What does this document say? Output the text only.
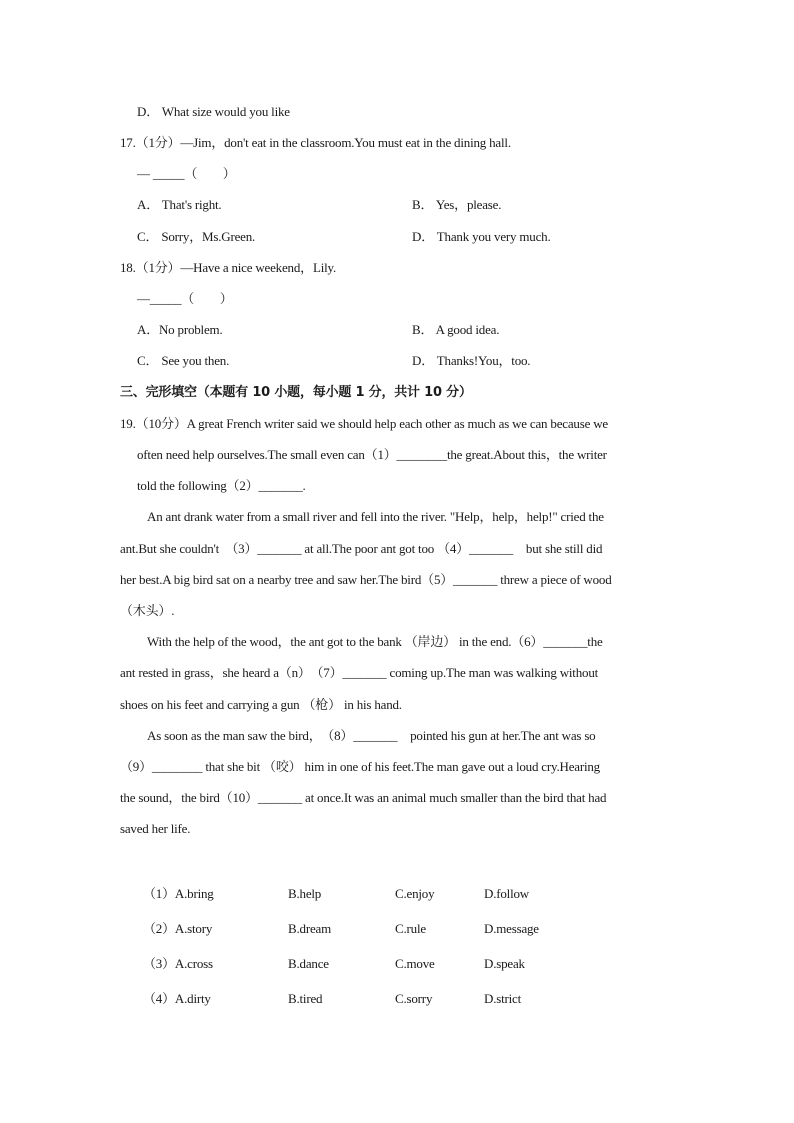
D． What size would you like
17.（1分）—Jim，don't eat in the classroom.You must eat in the dining hall.
— _____（　　）
A． That's right.	B． Yes，please.
C． Sorry，Ms.Green.	D． Thank you very much.
18.（1分）—Have a nice weekend，Lily.
—_____（　　）
A．No problem.	B． A good idea.
C． See you then.	D． Thanks!You，too.
三、完形填空（本题有 10 小题，每小题 1 分，共计 10 分）
19.（10分）A great French writer said we should help each other as much as we can because we
often need help ourselves.The small even can（1）________the great.About this，the writer
told the following（2）_______.
An ant drank water from a small river and fell into the river. "Help，help，help!" cried the
ant.But she couldn't　（3）_______ at all.The poor ant got too （4）_______　but she still did
her best.A big bird sat on a nearby tree and saw her.The bird（5）_______ threw a piece of wood
（木头）.
With the help of the wood，the ant got to the bank （岸边） in the end.（6）_______the
ant rested in grass，she heard a（n）　（7）_______ coming up.The man was walking without
shoes on his feet and carrying a gun （枪） in his hand.
As soon as the man saw the bird，　（8）_______　pointed his gun at her.The ant was so
（9）________ that she bit （咬） him in one of his feet.The man gave out a loud cry.Hearing
the sound，the bird（10）_______ at once.It was an animal much smaller than the bird that had
saved her life.
（1）A.bring	B.help	C.enjoy	D.follow
（2）A.story	B.dream	C.rule	D.message
（3）A.cross	B.dance	C.move	D.speak
（4）A.dirty	B.tired	C.sorry	D.strict
